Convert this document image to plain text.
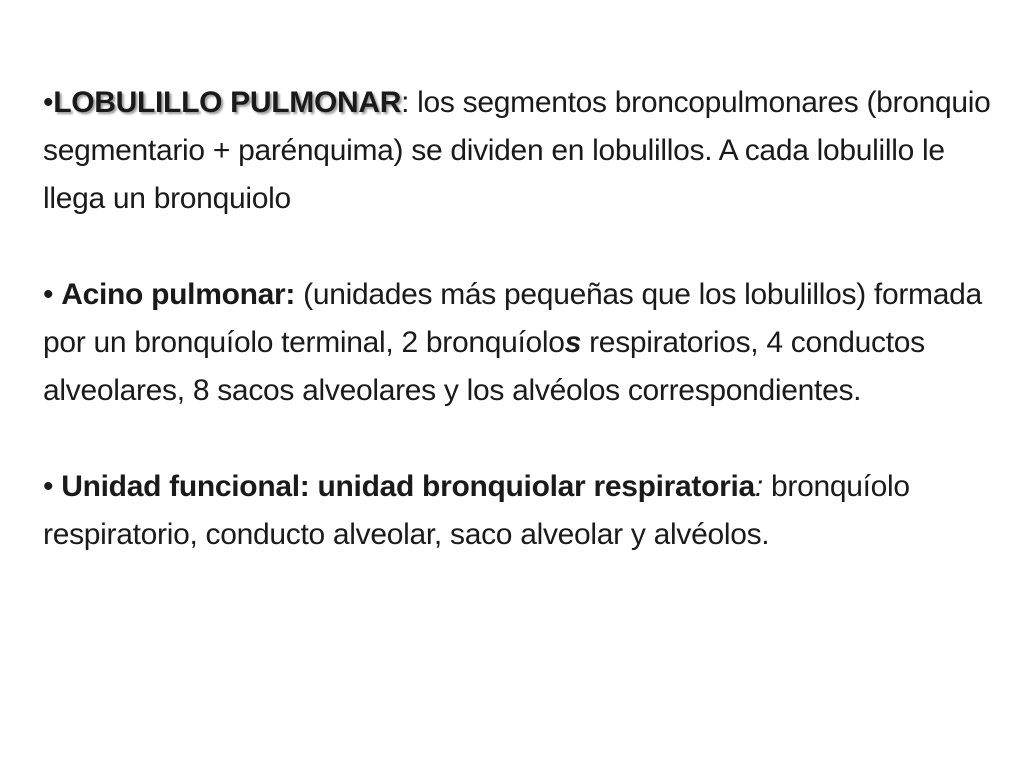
•LOBULILLO PULMONAR: los segmentos broncopulmonares (bronquio segmentario + parénquima) se dividen en lobulillos. A cada lobulillo le llega un bronquiolo

• Acino pulmonar: (unidades más pequeñas que los lobulillos) formada por un bronquíolo terminal, 2 bronquíolos respiratorios, 4 conductos alveolares, 8 sacos alveolares y los alvéolos correspondientes.

• Unidad funcional: unidad bronquiolar respiratoria: bronquíolo respiratorio, conducto alveolar, saco alveolar y alvéolos.
